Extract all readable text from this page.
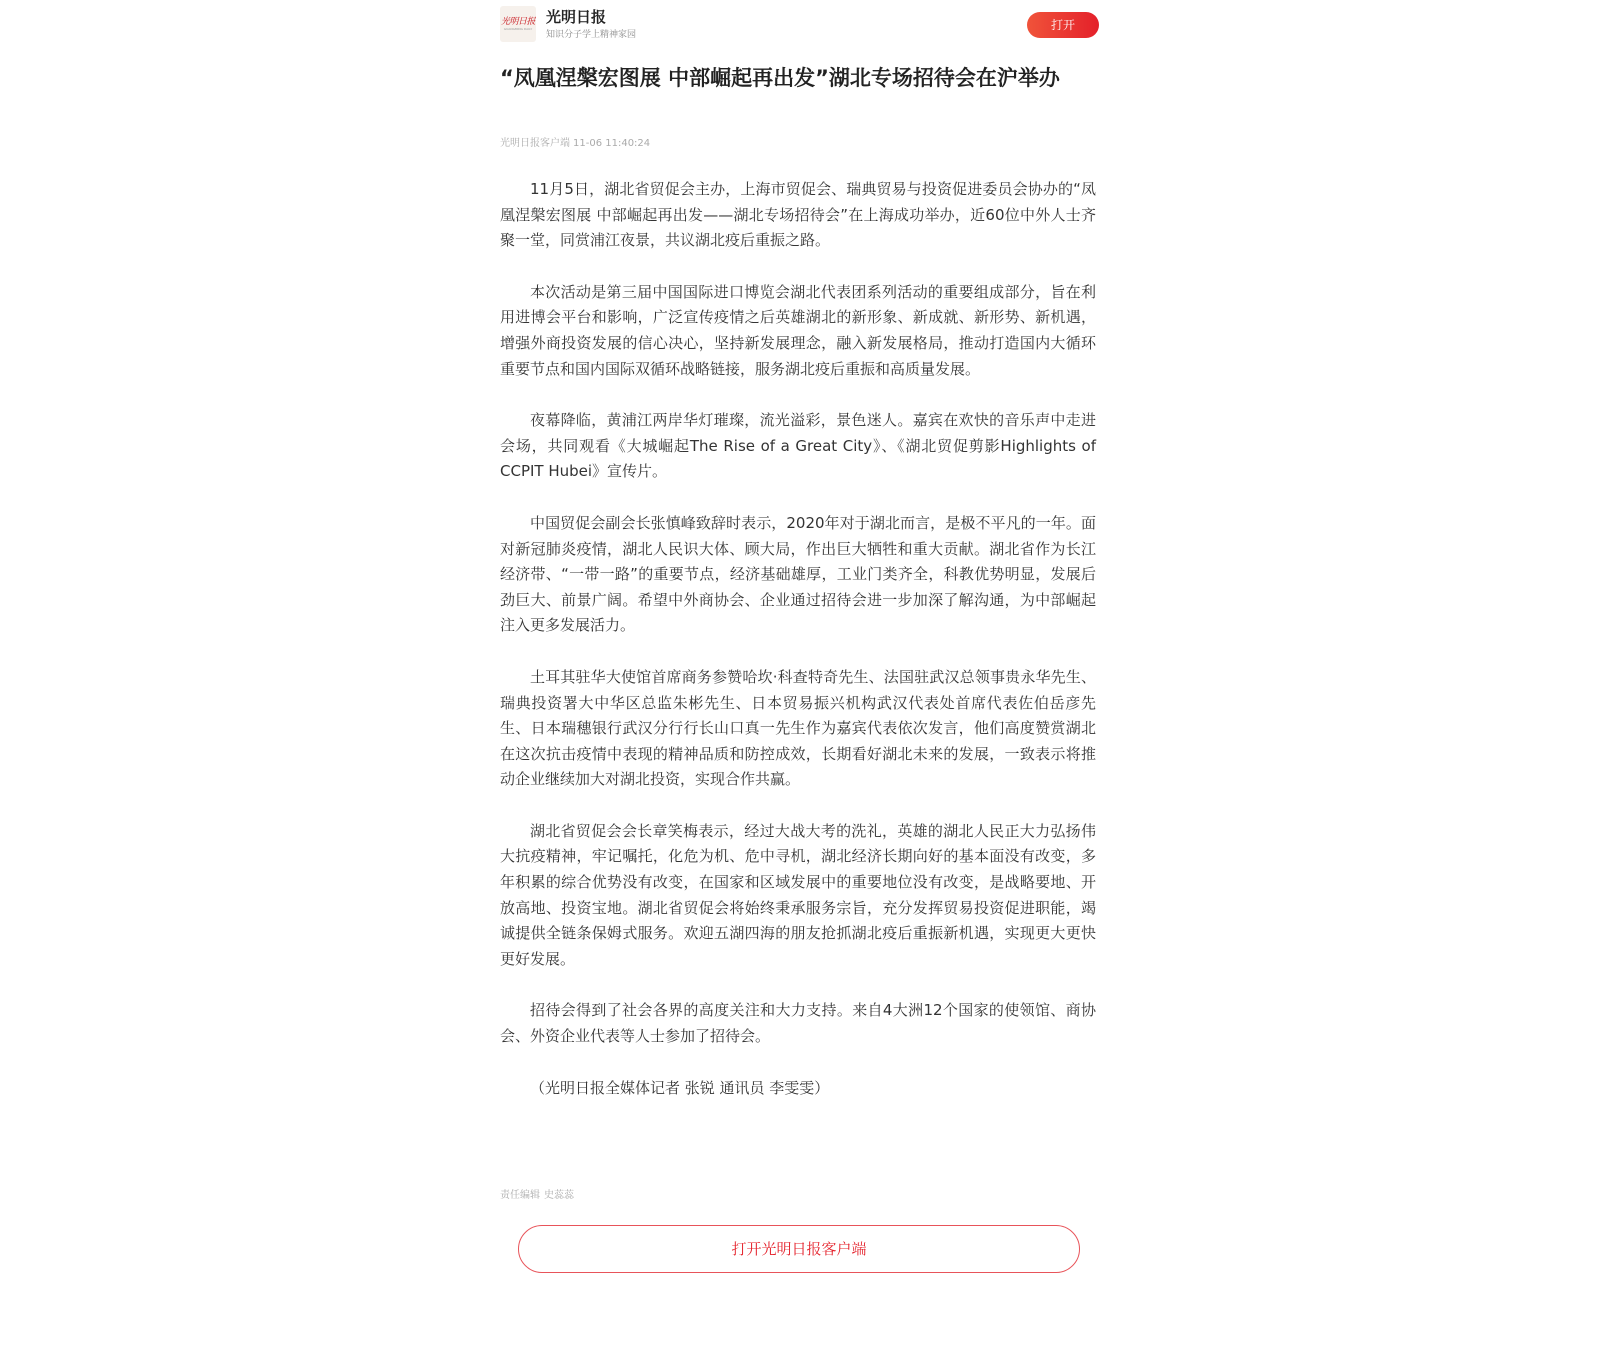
光明日报
GUANGMING DAILY
光明日报
知识分子学上精神家园
打开
“凤凰涅槃宏图展 中部崛起再出发”湖北专场招待会在沪举办
光明日报客户端 11-06 11:40:24

11月5日，湖北省贸促会主办，上海市贸促会、瑞典贸易与投资促进委员会协办的“凤凰涅槃宏图展 中部崛起再出发——湖北专场招待会”在上海成功举办，近60位中外人士齐聚一堂，同赏浦江夜景，共议湖北疫后重振之路。

本次活动是第三届中国国际进口博览会湖北代表团系列活动的重要组成部分，旨在利用进博会平台和影响，广泛宣传疫情之后英雄湖北的新形象、新成就、新形势、新机遇，增强外商投资发展的信心决心，坚持新发展理念，融入新发展格局，推动打造国内大循环重要节点和国内国际双循环战略链接，服务湖北疫后重振和高质量发展。

夜幕降临，黄浦江两岸华灯璀璨，流光溢彩，景色迷人。嘉宾在欢快的音乐声中走进会场，共同观看《大城崛起The Rise of a Great City》、《湖北贸促剪影Highlights of CCPIT Hubei》宣传片。

中国贸促会副会长张慎峰致辞时表示，2020年对于湖北而言，是极不平凡的一年。面对新冠肺炎疫情，湖北人民识大体、顾大局，作出巨大牺牲和重大贡献。湖北省作为长江经济带、“一带一路”的重要节点，经济基础雄厚，工业门类齐全，科教优势明显，发展后劲巨大、前景广阔。希望中外商协会、企业通过招待会进一步加深了解沟通，为中部崛起注入更多发展活力。

土耳其驻华大使馆首席商务参赞哈坎·科查特奇先生、法国驻武汉总领事贵永华先生、瑞典投资署大中华区总监朱彬先生、日本贸易振兴机构武汉代表处首席代表佐伯岳彦先生、日本瑞穗银行武汉分行行长山口真一先生作为嘉宾代表依次发言，他们高度赞赏湖北在这次抗击疫情中表现的精神品质和防控成效，长期看好湖北未来的发展，一致表示将推动企业继续加大对湖北投资，实现合作共赢。

湖北省贸促会会长章笑梅表示，经过大战大考的洗礼，英雄的湖北人民正大力弘扬伟大抗疫精神，牢记嘱托，化危为机、危中寻机，湖北经济长期向好的基本面没有改变，多年积累的综合优势没有改变，在国家和区域发展中的重要地位没有改变，是战略要地、开放高地、投资宝地。湖北省贸促会将始终秉承服务宗旨，充分发挥贸易投资促进职能，竭诚提供全链条保姆式服务。欢迎五湖四海的朋友抢抓湖北疫后重振新机遇，实现更大更快更好发展。

招待会得到了社会各界的高度关注和大力支持。来自4大洲12个国家的使领馆、商协会、外资企业代表等人士参加了招待会。

（光明日报全媒体记者 张锐 通讯员 李雯雯）

责任编辑 史蕊蕊
打开光明日报客户端
